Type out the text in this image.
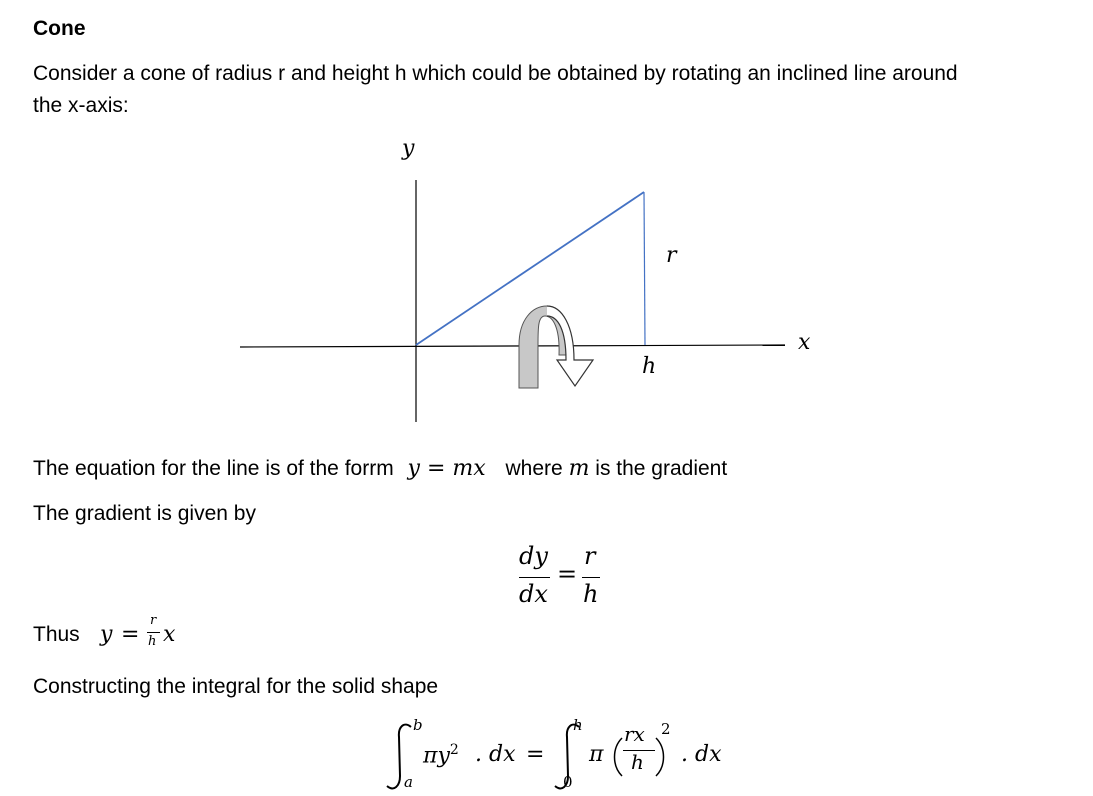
Cone
Consider a cone of radius r and height h which could be obtained by rotating an inclined line around
the x-axis:
y
x
r
h
The equation for the line is of the forrm y = mx where m is the gradient
The gradient is given by
dy
dx
=
r
h
Thus y =
r
h x
Constructing the integral for the solid shape
b
a
$\pi y^2$ . dx =
h
0
π
rx
h
2
. dx
